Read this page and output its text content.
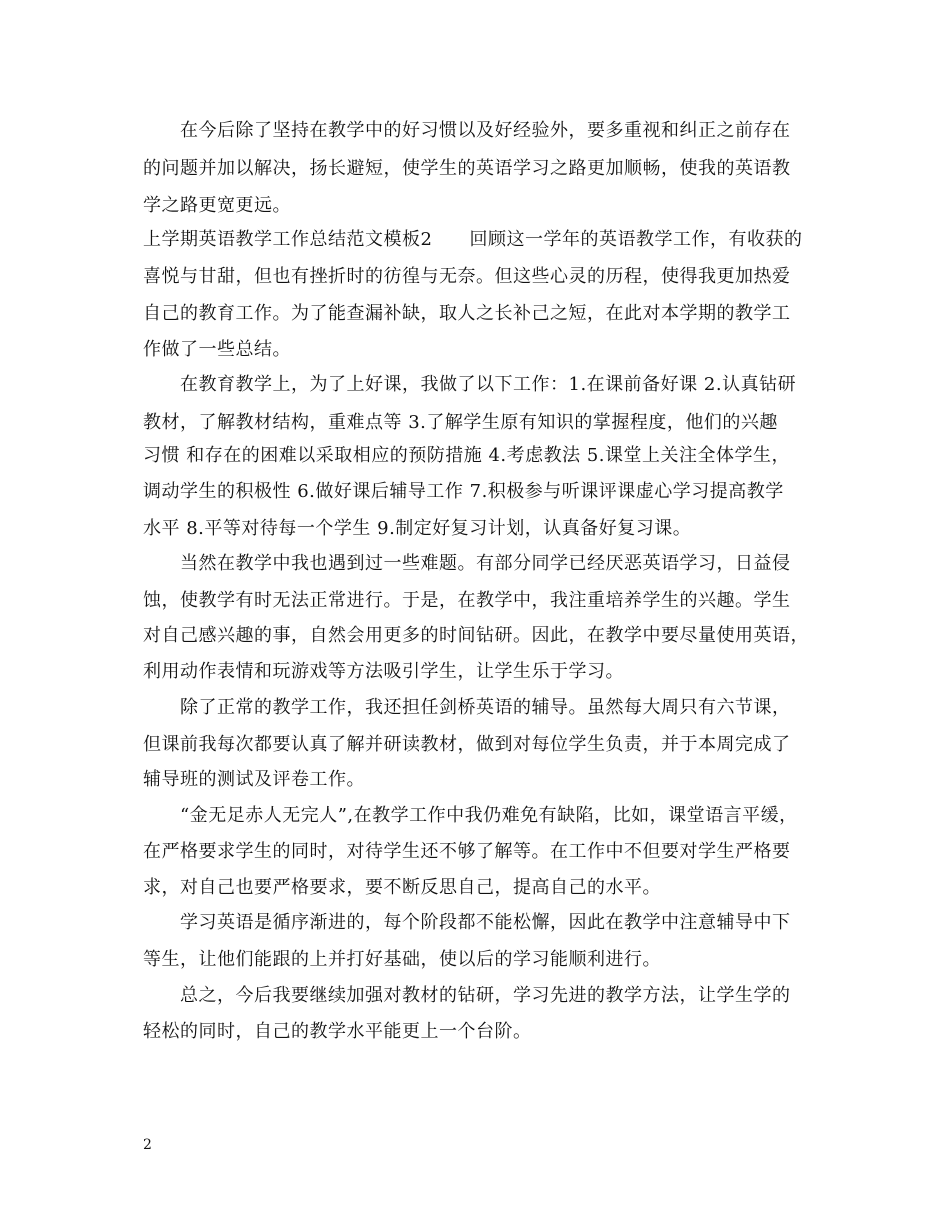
　　在今后除了坚持在教学中的好习惯以及好经验外，要多重视和纠正之前存在
的问题并加以解决，扬长避短，使学生的英语学习之路更加顺畅，使我的英语教
学之路更宽更远。
上学期英语教学工作总结范文模板2　　回顾这一学年的英语教学工作，有收获的
喜悦与甘甜，但也有挫折时的彷徨与无奈。但这些心灵的历程，使得我更加热爱
自己的教育工作。为了能查漏补缺，取人之长补己之短，在此对本学期的教学工
作做了一些总结。
　　在教育教学上，为了上好课，我做了以下工作：1.在课前备好课 2.认真钻研
教材，了解教材结构，重难点等 3.了解学生原有知识的掌握程度，他们的兴趣
习惯 和存在的困难以采取相应的预防措施 4.考虑教法 5.课堂上关注全体学生，
调动学生的积极性 6.做好课后辅导工作 7.积极参与听课评课虚心学习提高教学
水平 8.平等对待每一个学生 9.制定好复习计划，认真备好复习课。
　　当然在教学中我也遇到过一些难题。有部分同学已经厌恶英语学习，日益侵
蚀，使教学有时无法正常进行。于是，在教学中，我注重培养学生的兴趣。学生
对自己感兴趣的事，自然会用更多的时间钻研。因此，在教学中要尽量使用英语，
利用动作表情和玩游戏等方法吸引学生，让学生乐于学习。
　　除了正常的教学工作，我还担任剑桥英语的辅导。虽然每大周只有六节课，
但课前我每次都要认真了解并研读教材，做到对每位学生负责，并于本周完成了
辅导班的测试及评卷工作。
　　“金无足赤人无完人”,在教学工作中我仍难免有缺陷，比如，课堂语言平缓，
在严格要求学生的同时，对待学生还不够了解等。在工作中不但要对学生严格要
求，对自己也要严格要求，要不断反思自己，提高自己的水平。
　　学习英语是循序渐进的，每个阶段都不能松懈，因此在教学中注意辅导中下
等生，让他们能跟的上并打好基础，使以后的学习能顺利进行。
　　总之，今后我要继续加强对教材的钻研，学习先进的教学方法，让学生学的
轻松的同时，自己的教学水平能更上一个台阶。
2
